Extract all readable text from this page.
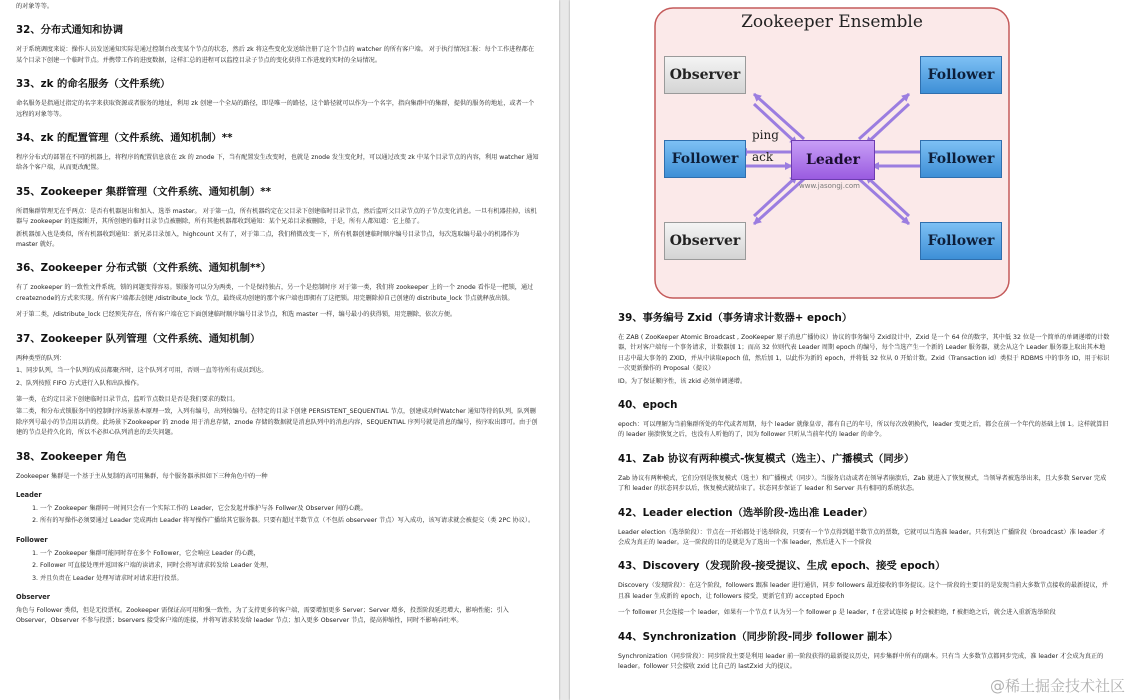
的对象等等。

32、分布式通知和协调

对于系统调度来说：操作人员发送通知实际是通过控制台改变某个节点的状态，然后 zk 将这些变化发送给注册了这个节点的 watcher 的所有客户端。 对于执行情况汇报：每个工作进程都在某个目录下创建一个临时节点。并携带工作的进度数据，这样汇总的进程可以监控目录子节点的变化获得工作进度的实时的全局情况。

33、zk 的命名服务（文件系统）

命名服务是指通过指定的名字来获取资源或者服务的地址，利用 zk 创建一个全局的路径，即是唯一的路径，这个路径就可以作为一个名字，指向集群中的集群，提供的服务的地址，或者一个远程的对象等等。

34、zk 的配置管理（文件系统、通知机制）**

程序分布式的部署在不同的机器上，将程序的配置信息放在 zk 的 znode 下，当有配置发生改变时，也就是 znode 发生变化时，可以通过改变 zk 中某个目录节点的内容，利用 watcher 通知给各个客户端，从而更改配置。

35、Zookeeper 集群管理（文件系统、通知机制）**

所谓集群管理无在乎两点：是否有机器退出和加入、选举 master。 对于第一点，所有机器约定在父目录下创建临时目录节点，然后监听父目录节点的子节点变化消息。一旦有机器挂掉，该机器与 zookeeper 的连接断开，其所创建的临时目录节点被删除，所有其他机器都收到通知：某个兄弟目录被删除，于是，所有人都知道：它上船了。

新机器加入也是类似，所有机器收到通知：新兄弟目录加入，highcount 又有了，对于第二点，我们稍微改变一下，所有机器创建临时顺序编号目录节点，每次选取编号最小的机器作为 master 就好。

36、Zookeeper 分布式锁（文件系统、通知机制**）

有了 zookeeper 的一致性文件系统，锁的问题变得容易。锁服务可以分为两类，一个是保持独占，另一个是控制时序 对于第一类，我们将 zookeeper 上的一个 znode 看作是一把锁，通过 createznode的方式来实现。所有客户端都去创建 /distribute_lock 节点，最终成功创建的那个客户端也即拥有了这把锁。用完删除掉自己创建的 distribute_lock 节点就释放出锁。

对于第二类，/distribute_lock 已经预先存在，所有客户端在它下面创建临时顺序编号目录节点，和选 master 一样，编号最小的获得锁，用完删除，依次方便。

37、Zookeeper 队列管理（文件系统、通知机制）

两种类型的队列：

1、同步队列，当一个队列的成员都聚齐时，这个队列才可用，否则一直等待所有成员到达。

2、队列按照 FIFO 方式进行入队和出队操作。

第一类，在约定目录下创建临时目录节点，监听节点数目是否是我们要求的数目。

第二类，和分布式锁服务中的控制时序场景基本原理一致，入列有编号，出列按编号。在特定的目录下创建 PERSISTENT_SEQUENTIAL 节点，创建成功时Watcher 通知等待的队列，队列删除序列号最小的节点用以消费。此场景下Zookeeper 的 znode 用于消息存储，znode 存储的数据就是消息队列中的消息内容，SEQUENTIAL 序列号就是消息的编号，按序取出即可。由于创建的节点是持久化的，所以不必担心队列消息的丢失问题。

38、Zookeeper 角色

Zookeeper 集群是一个基于主从复制的高可用集群，每个服务器承担如下三种角色中的一种

Leader
1. 一个 Zookeeper 集群同一时间只会有一个实际工作的 Leader，它会发起并维护与各 Follwer及 Observer 间的心跳。
2. 所有的写操作必须要通过 Leader 完成再由 Leader 将写操作广播给其它服务器。只要有超过半数节点（不包括 observeer 节点）写入成功，该写请求就会被提交（类 2PC 协议）。
Follower
1. 一个 Zookeeper 集群可能同时存在多个 Follower，它会响应 Leader 的心跳，
2. Follower 可直接处理并返回客户端的读请求，同时会将写请求转发给 Leader 处理，
3. 并且负责在 Leader 处理写请求时对请求进行投票。
Observer

角色与 Follower 类似，但是无投票权。Zookeeper 需保证高可用和强一致性，为了支持更多的客户端，需要增加更多 Server；Server 增多，投票阶段延迟增大，影响性能；引入 Observer，Observer 不参与投票；bservers 接受客户端的连接，并将写请求转发给 leader 节点；加入更多 Observer 节点，提高伸缩性，同时不影响吞吐率。

Zookeeper Ensemble
Observer
Follower
Observer
Leader
www.jasongj.com
Follower
Follower
Follower
ping
ack
39、事务编号 Zxid（事务请求计数器+ epoch）

在 ZAB ( ZooKeeper Atomic Broadcast , ZooKeeper 原子消息广播协议）协议的事务编号 Zxid设计中，Zxid 是一个 64 位的数字，其中低 32 位是一个简单的单调递增的计数器，针对客户端每一个事务请求，计数器加 1；而高 32 位则代表 Leader 周期 epoch 的编号，每个当选产生一个新的 Leader 服务器，就会从这个 Leader 服务器上取出其本地日志中最大事务的 ZXID，并从中读取epoch 值，然后加 1，以此作为新的 epoch，并将低 32 位从 0 开始计数。Zxid（Transaction id）类似于 RDBMS 中的事务 ID，用于标识一次更新操作的 Proposal（提议）

ID。为了保证顺序性，该 zkid 必须单调递增。

40、epoch

epoch：可以理解为当前集群所处的年代或者周期，每个 leader 就像皇帝，都有自己的年号，所以每次改朝换代，leader 变更之后，都会在前一个年代的基础上加 1。这样就算旧的 leader 崩溃恢复之后，也没有人听他的了，因为 follower 只听从当前年代的 leader 的命令。

41、Zab 协议有两种模式-恢复模式（选主）、广播模式（同步）

Zab 协议有两种模式，它们分别是恢复模式（选主）和广播模式（同步）。当服务启动或者在领导者崩溃后，Zab 就进入了恢复模式，当领导者被选举出来，且大多数 Server 完成了和 leader 的状态同步以后，恢复模式就结束了。状态同步保证了 leader 和 Server 具有相同的系统状态。

42、Leader election（选举阶段-选出准 Leader）

Leader election（选举阶段）：节点在一开始都处于选举阶段，只要有一个节点得到超半数节点的票数，它就可以当选准 leader。只有到达 广播阶段（broadcast）准 leader 才会成为真正的 leader。这一阶段的目的是就是为了选出一个准 leader，然后进入下一个阶段

43、Discovery（发现阶段-接受提议、生成 epoch、接受 epoch）

Discovery（发现阶段）：在这个阶段，followers 跟准 leader 进行通信，同步 followers 最近接收的事务提议。这个一阶段的主要目的是发现当前大多数节点接收的最新提议，并且准 leader 生成新的 epoch，让 followers 接受，更新它们的 accepted Epoch

一个 follower 只会连接一个 leader，如果有一个节点 f 认为另一个 follower p 是 leader，f 在尝试连接 p 时会被拒绝，f 被拒绝之后，就会进入重新选举阶段

44、Synchronization（同步阶段-同步 follower 副本）

Synchronization（同步阶段）：同步阶段主要是利用 leader 前一阶段获得的最新提议历史，同步集群中所有的副本。只有当 大多数节点都同步完成，准 leader 才会成为真正的 leader。follower 只会接收 zxid 比自己的 lastZxid 大的提议。

@稀土掘金技术社区
